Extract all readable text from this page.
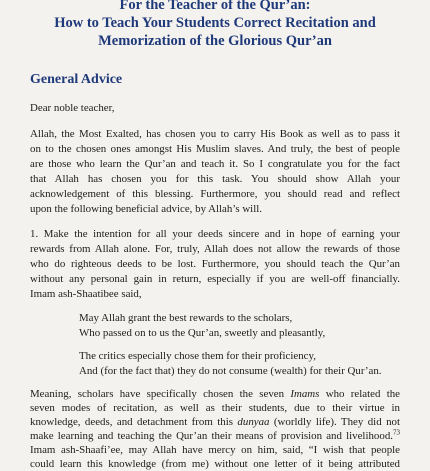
For the Teacher of the Qur’an:
How to Teach Your Students Correct Recitation and
Memorization of the Glorious Qur’an
General Advice
Dear noble teacher,
Allah, the Most Exalted, has chosen you to carry His Book as well as to pass it
on to the chosen ones amongst His Muslim slaves. And truly, the best of people
are those who learn the Qur’an and teach it. So I congratulate you for the fact
that Allah has chosen you for this task. You should show Allah your
acknowledgement of this blessing. Furthermore, you should read and reflect
upon the following beneficial advice, by Allah’s will.
1. Make the intention for all your deeds sincere and in hope of earning your
rewards from Allah alone. For, truly, Allah does not allow the rewards of those
who do righteous deeds to be lost. Furthermore, you should teach the Qur’an
without any personal gain in return, especially if you are well-off financially.
Imam ash-Shaatibee said,
May Allah grant the best rewards to the scholars,
Who passed on to us the Qur’an, sweetly and pleasantly,
The critics especially chose them for their proficiency,
And (for the fact that) they do not consume (wealth) for their Qur’an.
Meaning, scholars have specifically chosen the seven Imams who related the
seven modes of recitation, as well as their students, due to their virtue in
knowledge, deeds, and detachment from this dunyaa (worldly life). They did not
make learning and teaching the Qur’an their means of provision and livelihood.$^{73}$
Imam ash-Shaafi’ee, may Allah have mercy on him, said, “I wish that people
could learn this knowledge (from me) without one letter of it being attributed
